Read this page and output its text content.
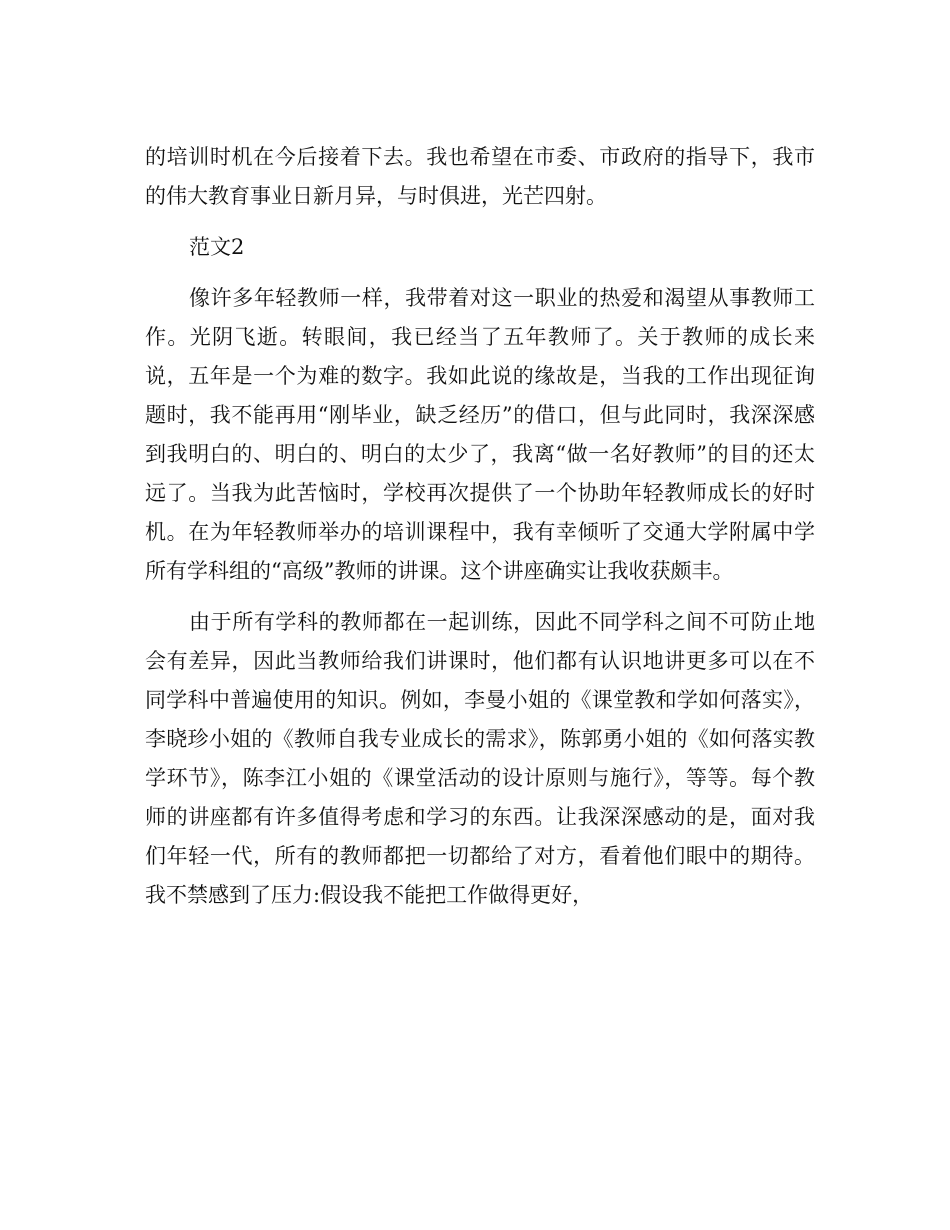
的培训时机在今后接着下去。我也希望在市委、市政府的指导下，我市的伟大教育事业日新月异，与时俱进，光芒四射。

范文2

像许多年轻教师一样，我带着对这一职业的热爱和渴望从事教师工作。光阴飞逝。转眼间，我已经当了五年教师了。关于教师的成长来说，五年是一个为难的数字。我如此说的缘故是，当我的工作出现征询题时，我不能再用“刚毕业，缺乏经历”的借口，但与此同时，我深深感到我明白的、明白的、明白的太少了，我离“做一名好教师”的目的还太远了。当我为此苦恼时，学校再次提供了一个协助年轻教师成长的好时机。在为年轻教师举办的培训课程中，我有幸倾听了交通大学附属中学所有学科组的“高级”教师的讲课。这个讲座确实让我收获颇丰。

由于所有学科的教师都在一起训练，因此不同学科之间不可防止地会有差异，因此当教师给我们讲课时，他们都有认识地讲更多可以在不同学科中普遍使用的知识。例如，李曼小姐的《课堂教和学如何落实》，李晓珍小姐的《教师自我专业成长的需求》，陈郭勇小姐的《如何落实教学环节》，陈李江小姐的《课堂活动的设计原则与施行》，等等。每个教师的讲座都有许多值得考虑和学习的东西。让我深深感动的是，面对我们年轻一代，所有的教师都把一切都给了对方，看着他们眼中的期待。我不禁感到了压力:假设我不能把工作做得更好，
